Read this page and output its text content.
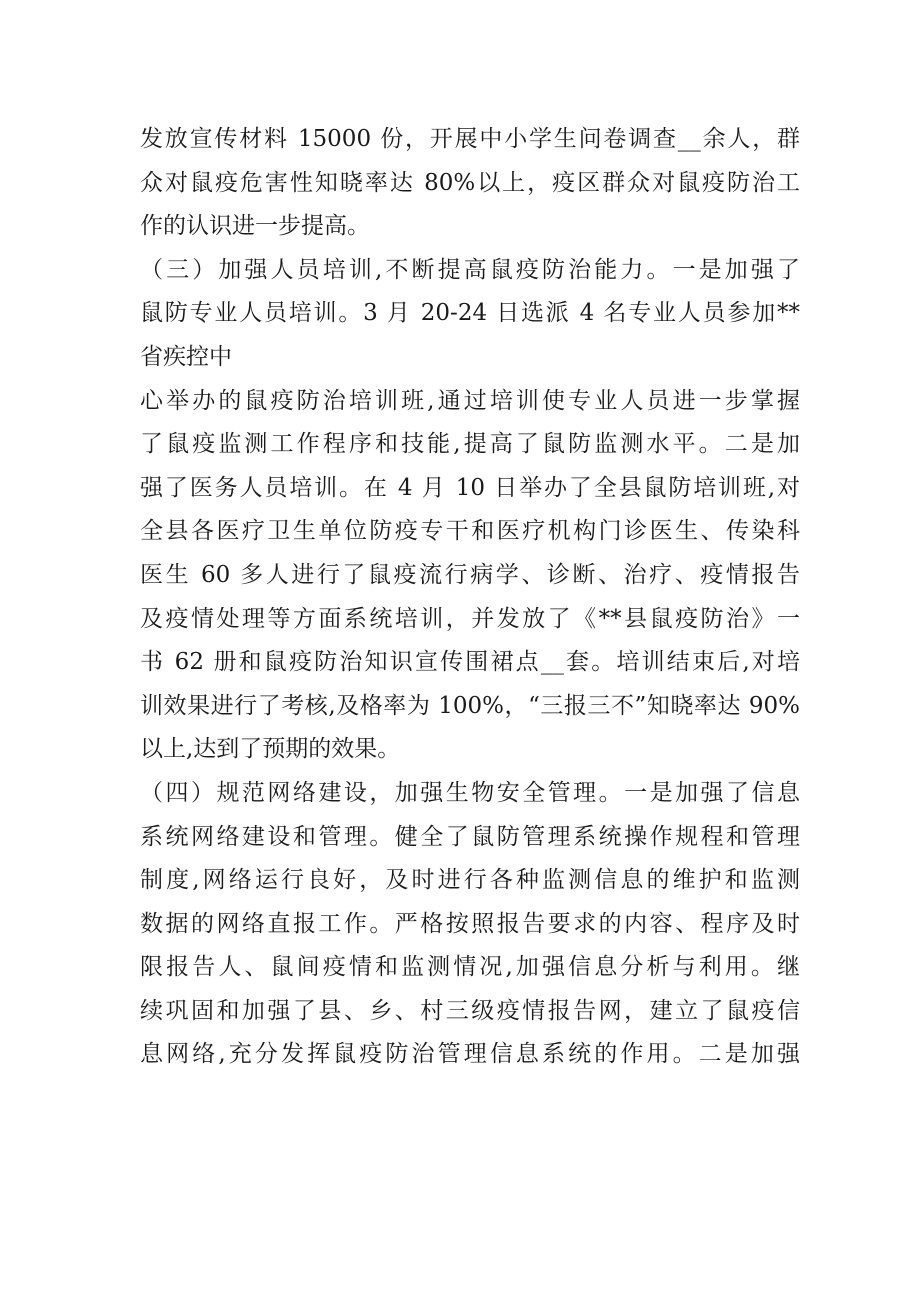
发放宣传材料 15000 份，开展中小学生问卷调查__余人，群
众对鼠疫危害性知晓率达 80%以上，疫区群众对鼠疫防治工
作的认识进一步提高。
（三）加强人员培训,不断提高鼠疫防治能力。一是加强了
鼠防专业人员培训。3 月 20-24 日选派 4 名专业人员参加**
省疾控中
心举办的鼠疫防治培训班,通过培训使专业人员进一步掌握
了鼠疫监测工作程序和技能,提高了鼠防监测水平。二是加
强了医务人员培训。在 4 月 10 日举办了全县鼠防培训班,对
全县各医疗卫生单位防疫专干和医疗机构门诊医生、传染科
医生 60 多人进行了鼠疫流行病学、诊断、治疗、疫情报告
及疫情处理等方面系统培训，并发放了《**县鼠疫防治》一
书 62 册和鼠疫防治知识宣传围裙点__套。培训结束后,对培
训效果进行了考核,及格率为 100%，“三报三不”知晓率达 90%
以上,达到了预期的效果。
（四）规范网络建设，加强生物安全管理。一是加强了信息
系统网络建设和管理。健全了鼠防管理系统操作规程和管理
制度,网络运行良好，及时进行各种监测信息的维护和监测
数据的网络直报工作。严格按照报告要求的内容、程序及时
限报告人、鼠间疫情和监测情况,加强信息分析与利用。继
续巩固和加强了县、乡、村三级疫情报告网，建立了鼠疫信
息网络,充分发挥鼠疫防治管理信息系统的作用。二是加强
